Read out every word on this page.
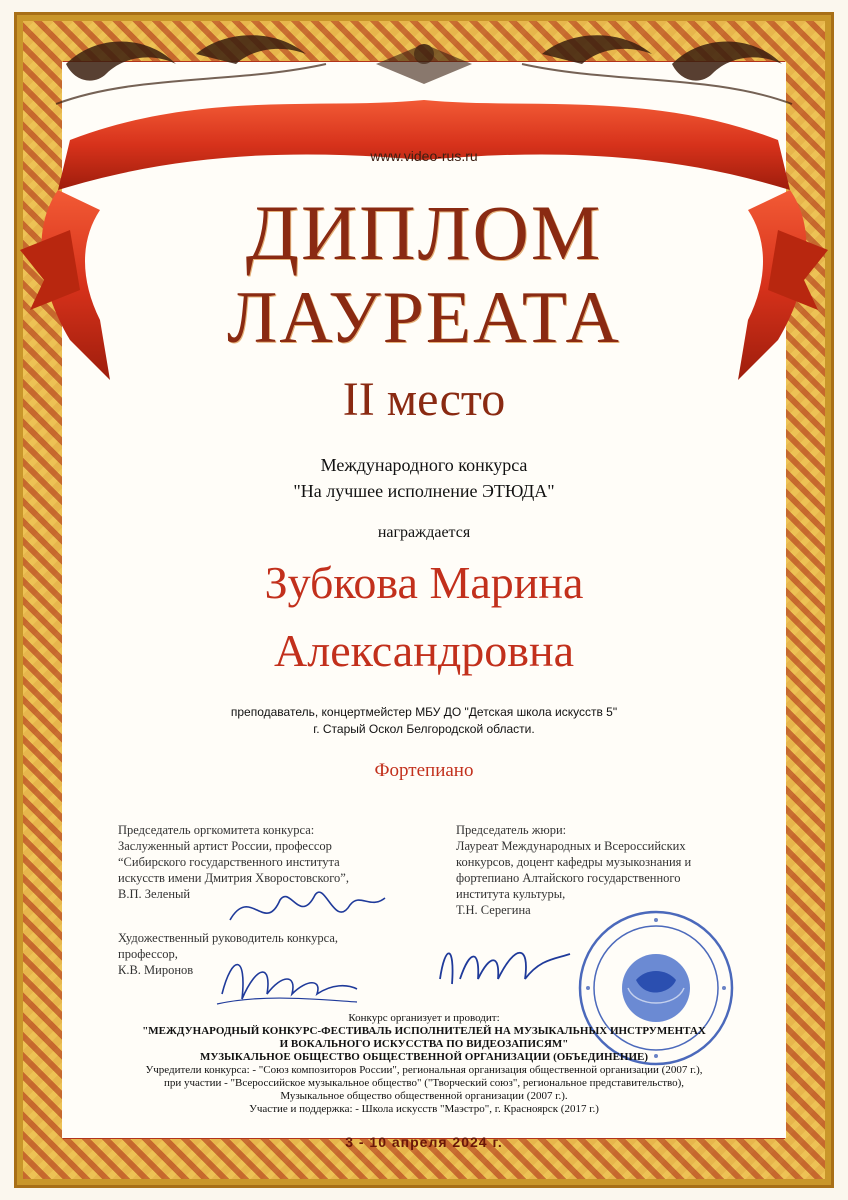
www.video-rus.ru
ДИПЛОМ
ЛАУРЕАТА
II место
Международного конкурса
"На лучшее исполнение ЭТЮДА"
награждается
Зубкова Марина
Александровна
преподаватель, концертмейстер МБУ ДО "Детская школа искусств 5"
г. Старый Оскол Белгородской области.
Фортепиано
Председатель оргкомитета конкурса:
Заслуженный артист России, профессор
“Сибирского государственного института
искусств имени Дмитрия Хворостовского”,
В.П. Зеленый
Художественный руководитель конкурса,
профессор,
К.В. Миронов
Председатель жюри:
Лауреат Международных и Всероссийских
конкурсов, доцент кафедры музыкознания и
фортепиано Алтайского государственного
института культуры,
Т.Н. Серегина
Конкурс организует и проводит:
"МЕЖДУНАРОДНЫЙ КОНКУРС-ФЕСТИВАЛЬ ИСПОЛНИТЕЛЕЙ НА МУЗЫКАЛЬНЫХ ИНСТРУМЕНТАХ
И ВОКАЛЬНОГО ИСКУССТВА ПО ВИДЕОЗАПИСЯМ"
МУЗЫКАЛЬНОЕ ОБЩЕСТВО ОБЩЕСТВЕННОЙ ОРГАНИЗАЦИИ (ОБЪЕДИНЕНИЕ)
Учредители конкурса: - "Союз композиторов России", региональная организация общественной организации (2007 г.),
при участии - "Всероссийское музыкальное общество" ("Творческий союз", региональное представительство),
Музыкальное общество общественной организации (2007 г.).
Участие и поддержка: - Школа искусств "Маэстро", г. Красноярск (2017 г.)
3 - 10 апреля 2024 г.
